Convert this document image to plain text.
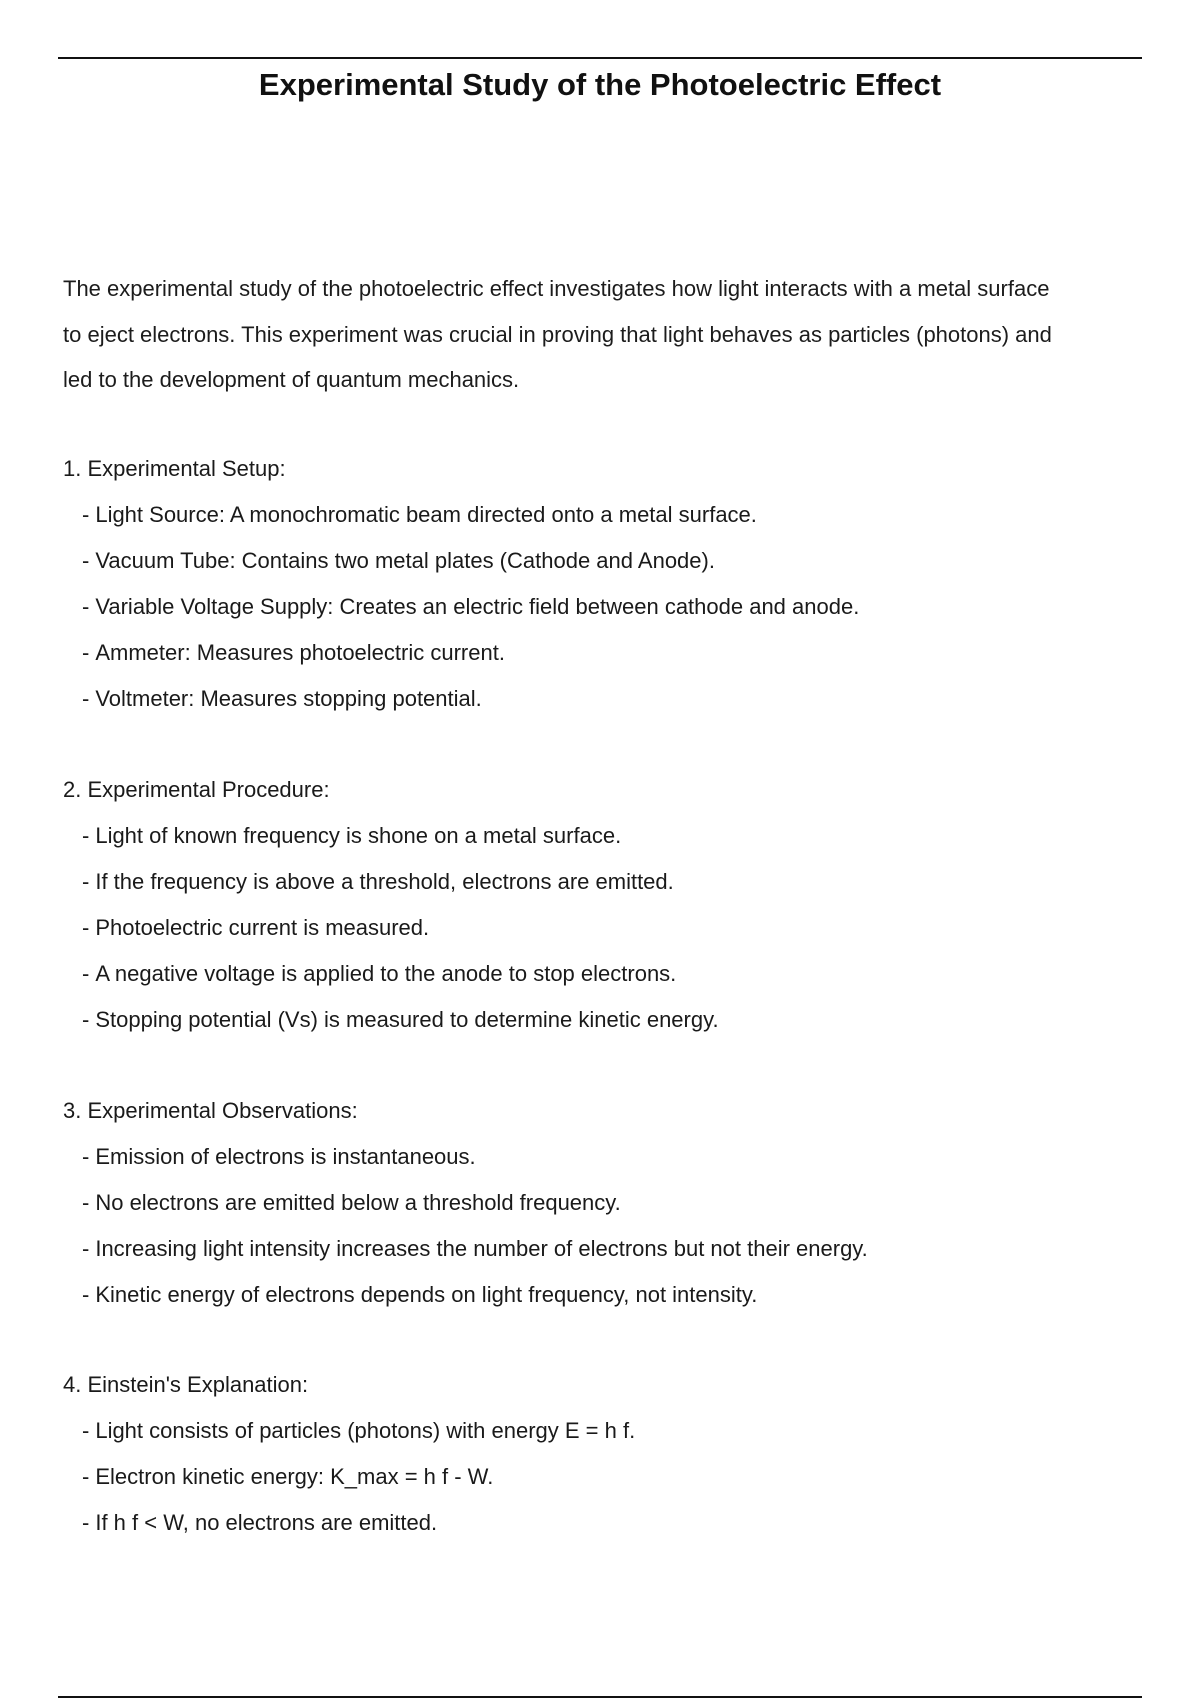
Experimental Study of the Photoelectric Effect

The experimental study of the photoelectric effect investigates how light interacts with a metal surface to eject electrons. This experiment was crucial in proving that light behaves as particles (photons) and led to the development of quantum mechanics.

1. Experimental Setup:
- Light Source: A monochromatic beam directed onto a metal surface.
- Vacuum Tube: Contains two metal plates (Cathode and Anode).
- Variable Voltage Supply: Creates an electric field between cathode and anode.
- Ammeter: Measures photoelectric current.
- Voltmeter: Measures stopping potential.
2. Experimental Procedure:
- Light of known frequency is shone on a metal surface.
- If the frequency is above a threshold, electrons are emitted.
- Photoelectric current is measured.
- A negative voltage is applied to the anode to stop electrons.
- Stopping potential (Vs) is measured to determine kinetic energy.
3. Experimental Observations:
- Emission of electrons is instantaneous.
- No electrons are emitted below a threshold frequency.
- Increasing light intensity increases the number of electrons but not their energy.
- Kinetic energy of electrons depends on light frequency, not intensity.
4. Einstein's Explanation:
- Light consists of particles (photons) with energy E = h f.
- Electron kinetic energy: K_max = h f - W.
- If h f < W, no electrons are emitted.
